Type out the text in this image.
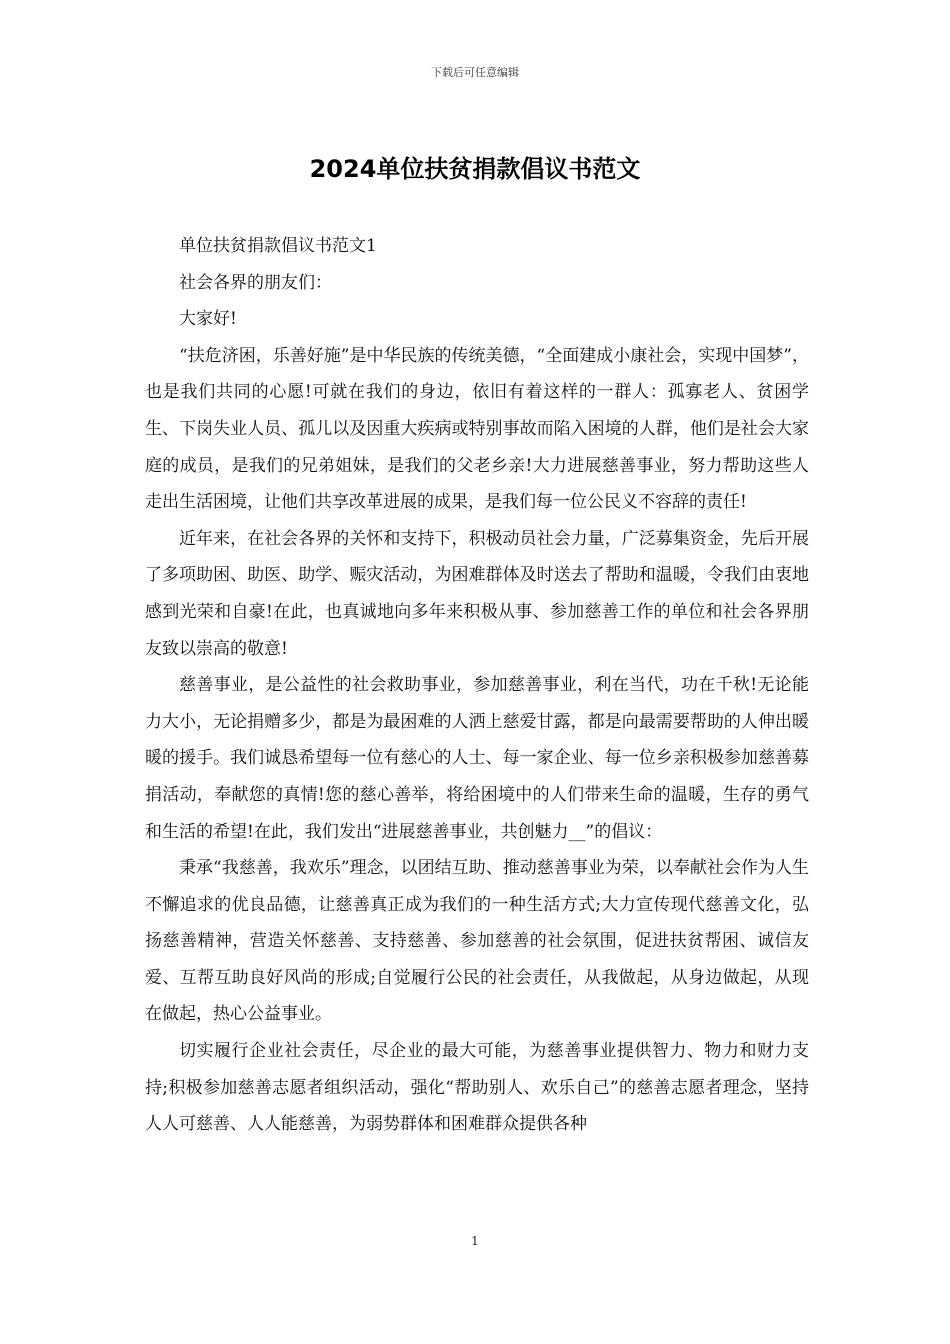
下载后可任意编辑
2024单位扶贫捐款倡议书范文

单位扶贫捐款倡议书范文1

社会各界的朋友们：

大家好!

“扶危济困，乐善好施”是中华民族的传统美德，“全面建成小康社会，实现中国梦”，也是我们共同的心愿!可就在我们的身边，依旧有着这样的一群人：孤寡老人、贫困学生、下岗失业人员、孤儿以及因重大疾病或特别事故而陷入困境的人群，他们是社会大家庭的成员，是我们的兄弟姐妹，是我们的父老乡亲!大力进展慈善事业，努力帮助这些人走出生活困境，让他们共享改革进展的成果，是我们每一位公民义不容辞的责任!

近年来，在社会各界的关怀和支持下，积极动员社会力量，广泛募集资金，先后开展了多项助困、助医、助学、赈灾活动，为困难群体及时送去了帮助和温暖，令我们由衷地感到光荣和自豪!在此，也真诚地向多年来积极从事、参加慈善工作的单位和社会各界朋友致以崇高的敬意!

慈善事业，是公益性的社会救助事业，参加慈善事业，利在当代，功在千秋!无论能力大小，无论捐赠多少，都是为最困难的人洒上慈爱甘露，都是向最需要帮助的人伸出暖暖的援手。我们诚恳希望每一位有慈心的人士、每一家企业、每一位乡亲积极参加慈善募捐活动，奉献您的真情!您的慈心善举，将给困境中的人们带来生命的温暖，生存的勇气和生活的希望!在此，我们发出“进展慈善事业，共创魅力__”的倡议：

秉承“我慈善，我欢乐”理念，以团结互助、推动慈善事业为荣，以奉献社会作为人生不懈追求的优良品德，让慈善真正成为我们的一种生活方式;大力宣传现代慈善文化，弘扬慈善精神，营造关怀慈善、支持慈善、参加慈善的社会氛围，促进扶贫帮困、诚信友爱、互帮互助良好风尚的形成;自觉履行公民的社会责任，从我做起，从身边做起，从现在做起，热心公益事业。

切实履行企业社会责任，尽企业的最大可能，为慈善事业提供智力、物力和财力支持;积极参加慈善志愿者组织活动，强化“帮助别人、欢乐自己”的慈善志愿者理念，坚持人人可慈善、人人能慈善，为弱势群体和困难群众提供各种

1
